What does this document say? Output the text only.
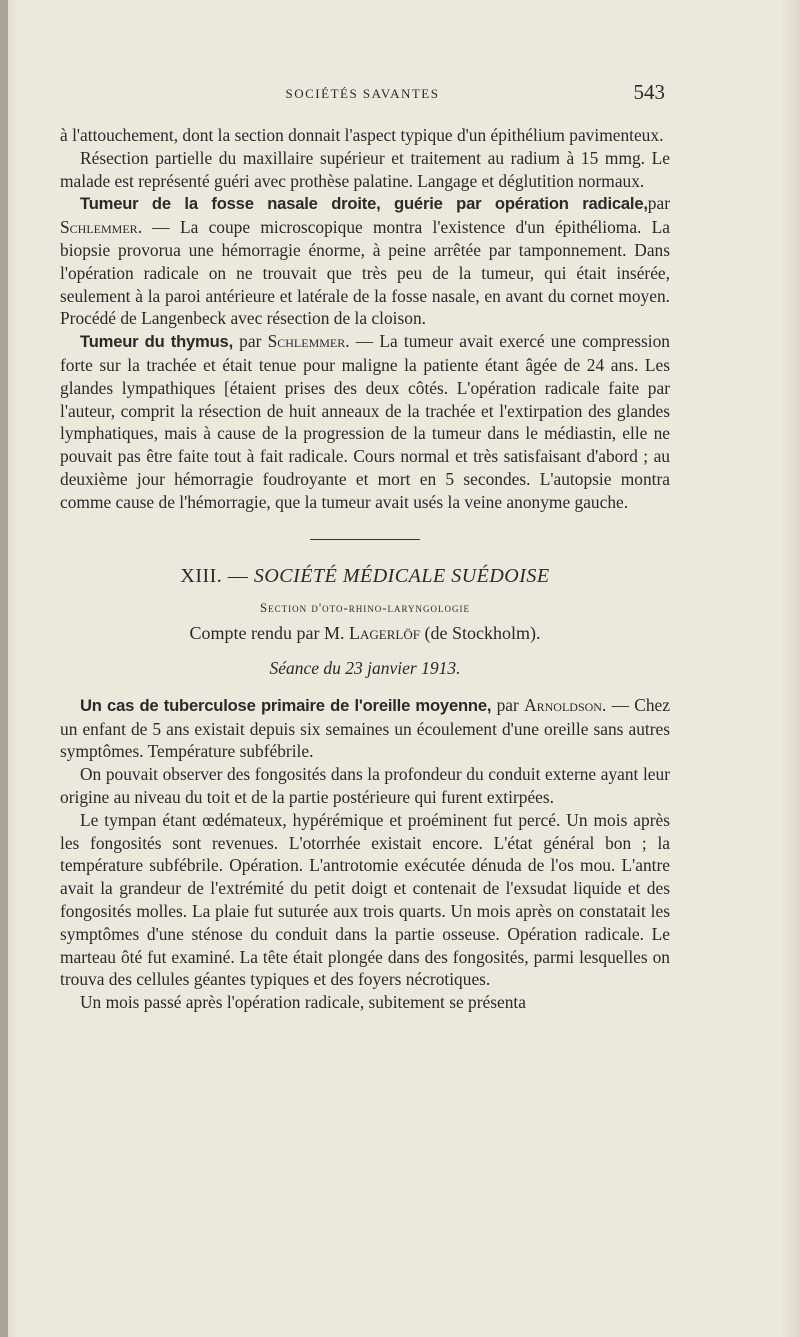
SOCIÉTÉS SAVANTES	543

à l'attouchement, dont la section donnait l'aspect typique d'un épithélium pavimenteux.

Résection partielle du maxillaire supérieur et traitement au radium à 15 mmg. Le malade est représenté guéri avec prothèse palatine. Langage et déglutition normaux.

Tumeur de la fosse nasale droite, guérie par opération radicale,par Schlemmer. — La coupe microscopique montra l'existence d'un épithélioma. La biopsie provorua une hémorragie énorme, à peine arrêtée par tamponnement. Dans l'opération radicale on ne trouvait que très peu de la tumeur, qui était insérée, seulement à la paroi antérieure et latérale de la fosse nasale, en avant du cornet moyen. Procédé de Langenbeck avec résection de la cloison.

Tumeur du thymus, par Schlemmer. — La tumeur avait exercé une compression forte sur la trachée et était tenue pour maligne la patiente étant âgée de 24 ans. Les glandes lympathiques [étaient prises des deux côtés. L'opération radicale faite par l'auteur, comprit la résection de huit anneaux de la trachée et l'extirpation des glandes lymphatiques, mais à cause de la progression de la tumeur dans le médiastin, elle ne pouvait pas être faite tout à fait radicale. Cours normal et très satisfaisant d'abord ; au deuxième jour hémorragie foudroyante et mort en 5 secondes. L'autopsie montra comme cause de l'hémorragie, que la tumeur avait usés la veine anonyme gauche.

XIII. — SOCIÉTÉ MÉDICALE SUÉDOISE
Section d'oto-rhino-laryngologie
Compte rendu par M. Lagerlöf (de Stockholm).
Séance du 23 janvier 1913.

Un cas de tuberculose primaire de l'oreille moyenne, par Arnoldson. — Chez un enfant de 5 ans existait depuis six semaines un écoulement d'une oreille sans autres symptômes. Température subfébrile.

On pouvait observer des fongosités dans la profondeur du conduit externe ayant leur origine au niveau du toit et de la partie postérieure qui furent extirpées.

Le tympan étant œdémateux, hypérémique et proéminent fut percé. Un mois après les fongosités sont revenues. L'otorrhée existait encore. L'état général bon ; la température subfébrile. Opération. L'antrotomie exécutée dénuda de l'os mou. L'antre avait la grandeur de l'extrémité du petit doigt et contenait de l'exsudat liquide et des fongosités molles. La plaie fut suturée aux trois quarts. Un mois après on constatait les symptômes d'une sténose du conduit dans la partie osseuse. Opération radicale. Le marteau ôté fut examiné. La tête était plongée dans des fongosités, parmi lesquelles on trouva des cellules géantes typiques et des foyers nécrotiques.

Un mois passé après l'opération radicale, subitement se présenta
